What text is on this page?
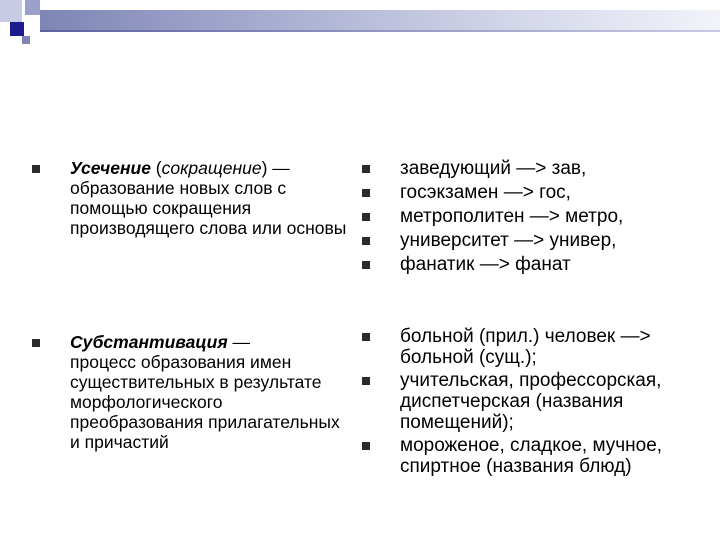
Усечение (сокращение) —
образование новых слов с помощью сокращения производящего слова или основы
Субстантивация —
процесс образования имен существительных в результате морфологического преобразования прилагательных и причастий
заведующий —> зав,
госэкзамен —> гос,
метрополитен —> метро,
университет —> универ,
фанатик —> фанат
больной (прил.) человек —> больной (сущ.);
учительская, профессорская, диспетчерская (названия помещений);
мороженое, сладкое, мучное, спиртное (названия блюд)
